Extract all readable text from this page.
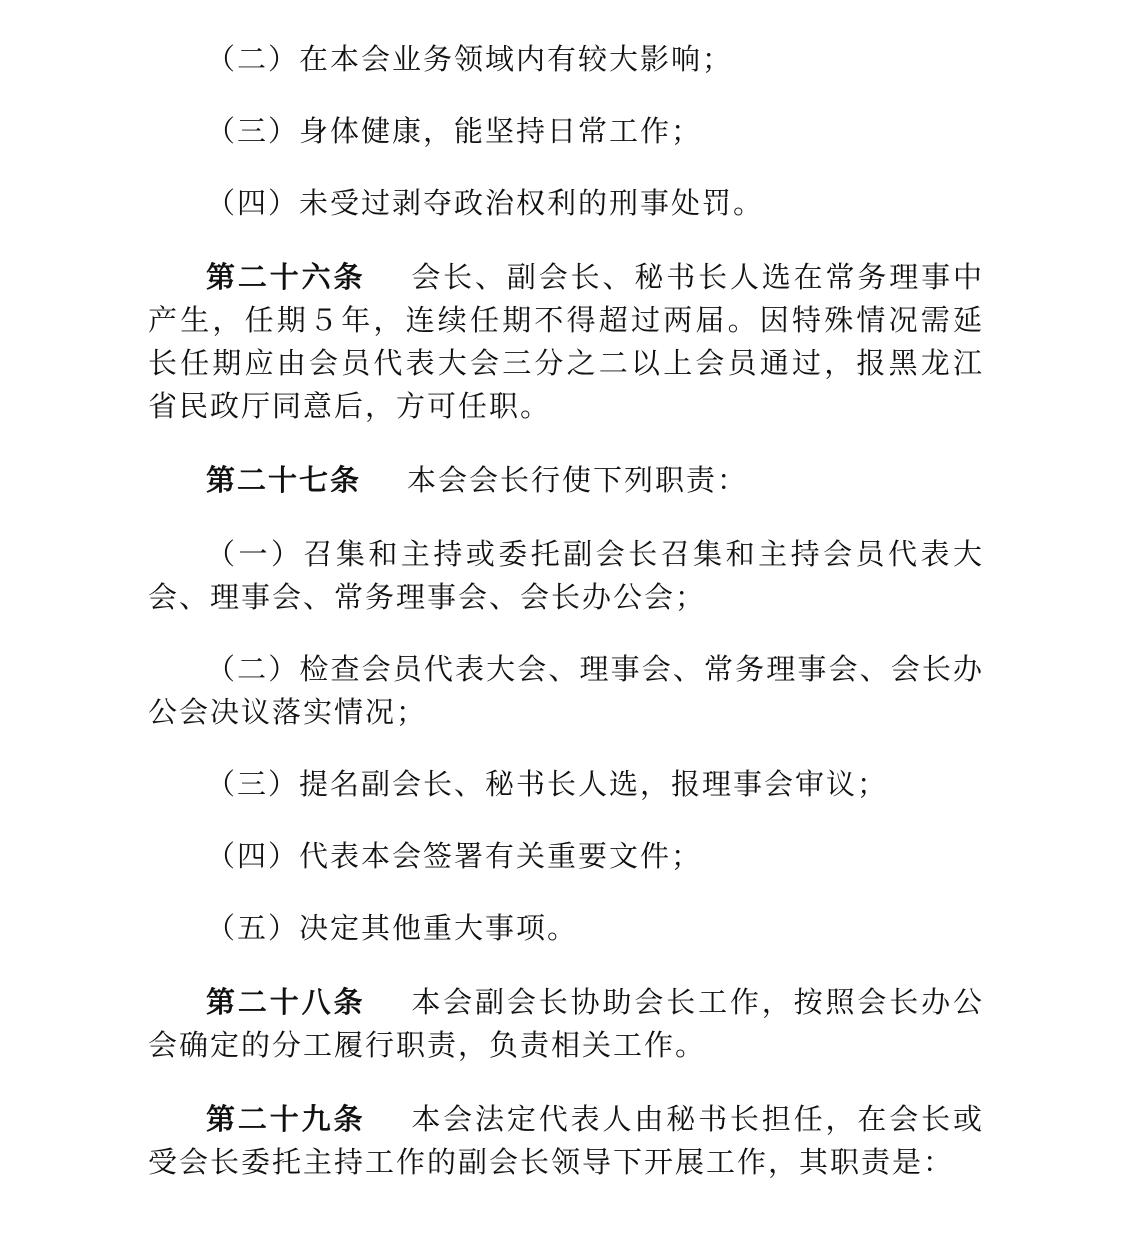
（二）在本会业务领域内有较大影响；

（三）身体健康，能坚持日常工作；

（四）未受过剥夺政治权利的刑事处罚。

第二十六条 会长、副会长、秘书长人选在常务理事中产生，任期５年，连续任期不得超过两届。因特殊情况需延长任期应由会员代表大会三分之二以上会员通过，报黑龙江省民政厅同意后，方可任职。

第二十七条 本会会长行使下列职责：

（一）召集和主持或委托副会长召集和主持会员代表大会、理事会、常务理事会、会长办公会；

（二）检查会员代表大会、理事会、常务理事会、会长办公会决议落实情况；

（三）提名副会长、秘书长人选，报理事会审议；

（四）代表本会签署有关重要文件；

（五）决定其他重大事项。

第二十八条 本会副会长协助会长工作，按照会长办公会确定的分工履行职责，负责相关工作。

第二十九条 本会法定代表人由秘书长担任，在会长或受会长委托主持工作的副会长领导下开展工作，其职责是：
